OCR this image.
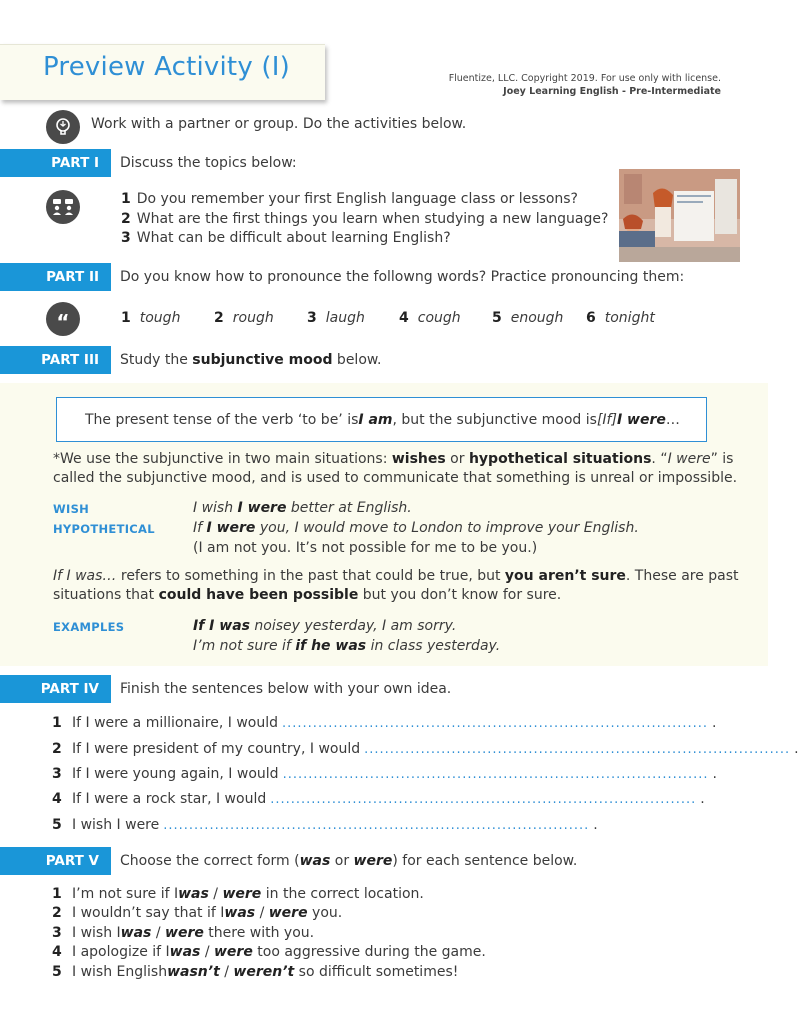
Preview Activity (I)	Fluentize, LLC. Copyright 2019. For use only with license.
Joey Learning English - Pre-Intermediate
Work with a partner or group. Do the activities below.
PART I	Discuss the topics below:
1 Do you remember your first English language class or lessons?
2 What are the first things you learn when studying a new language?
3 What can be difficult about learning English?
PART II	Do you know how to pronounce the followng words? Practice pronouncing them:
“	1 tough 2 rough 3 laugh 4 cough 5 enough 6 tonight
PART III	Study the subjunctive mood below.
The present tense of the verb ‘to be’ is I am , but the subjunctive mood is [If] I were …
*We use the subjunctive in two main situations: wishes or hypothetical situations. “I were” is
called the subjunctive mood, and is used to communicate that something is unreal or impossible.
WISH	I wish I were better at English.
HYPOTHETICAL	If I were you, I would move to London to improve your English.
(I am not you. It’s not possible for me to be you.)
If I was… refers to something in the past that could be true, but you aren’t sure. These are past
situations that could have been possible but you don’t know for sure.
EXAMPLES	If I was noisey yesterday, I am sorry.
I’m not sure if if he was in class yesterday.
PART IV	Finish the sentences below with your own idea.
1 If I were a millionaire, I would ................................................................................... .
2 If I were president of my country, I would ................................................................................... .
3 If I were young again, I would ................................................................................... .
4 If I were a rock star, I would ................................................................................... .
5 I wish I were ................................................................................... .
PART V	Choose the correct form (was or were) for each sentence below.
1 I’m not sure if I was / were in the correct location.
2 I wouldn’t say that if I was / were you.
3 I wish I was / were there with you.
4 I apologize if I was / were too aggressive during the game.
5 I wish English wasn’t / weren’t so difficult sometimes!
